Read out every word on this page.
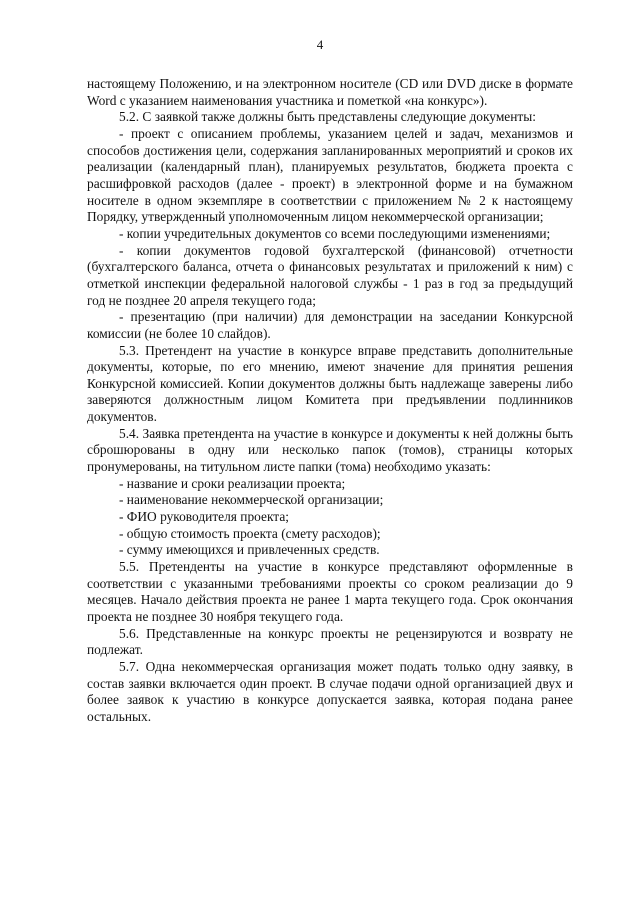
4

настоящему Положению, и на электронном носителе (CD или DVD диске в формате Word с указанием наименования участника и пометкой «на конкурс»).

5.2. С заявкой также должны быть представлены следующие документы:

- проект с описанием проблемы, указанием целей и задач, механизмов и способов достижения цели, содержания запланированных мероприятий и сроков их реализации (календарный план), планируемых результатов, бюджета проекта с расшифровкой расходов (далее - проект) в электронной форме и на бумажном носителе в одном экземпляре в соответствии с приложением № 2 к настоящему Порядку, утвержденный уполномоченным лицом некоммерческой организации;

- копии учредительных документов со всеми последующими изменениями;

- копии документов годовой бухгалтерской (финансовой) отчетности (бухгалтерского баланса, отчета о финансовых результатах и приложений к ним) с отметкой инспекции федеральной налоговой службы - 1 раз в год за предыдущий год не позднее 20 апреля текущего года;

- презентацию (при наличии) для демонстрации на заседании Конкурсной комиссии (не более 10 слайдов).

5.3. Претендент на участие в конкурсе вправе представить дополнительные документы, которые, по его мнению, имеют значение для принятия решения Конкурсной комиссией. Копии документов должны быть надлежаще заверены либо заверяются должностным лицом Комитета при предъявлении подлинников документов.

5.4. Заявка претендента на участие в конкурсе и документы к ней должны быть сброшюрованы в одну или несколько папок (томов), страницы которых пронумерованы, на титульном листе папки (тома) необходимо указать:

- название и сроки реализации проекта;

- наименование некоммерческой организации;

- ФИО руководителя проекта;

- общую стоимость проекта (смету расходов);

- сумму имеющихся и привлеченных средств.

5.5. Претенденты на участие в конкурсе представляют оформленные в соответствии с указанными требованиями проекты со сроком реализации до 9 месяцев. Начало действия проекта не ранее 1 марта текущего года. Срок окончания проекта не позднее 30 ноября текущего года.

5.6. Представленные на конкурс проекты не рецензируются и возврату не подлежат.

5.7. Одна некоммерческая организация может подать только одну заявку, в состав заявки включается один проект. В случае подачи одной организацией двух и более заявок к участию в конкурсе допускается заявка, которая подана ранее остальных.
